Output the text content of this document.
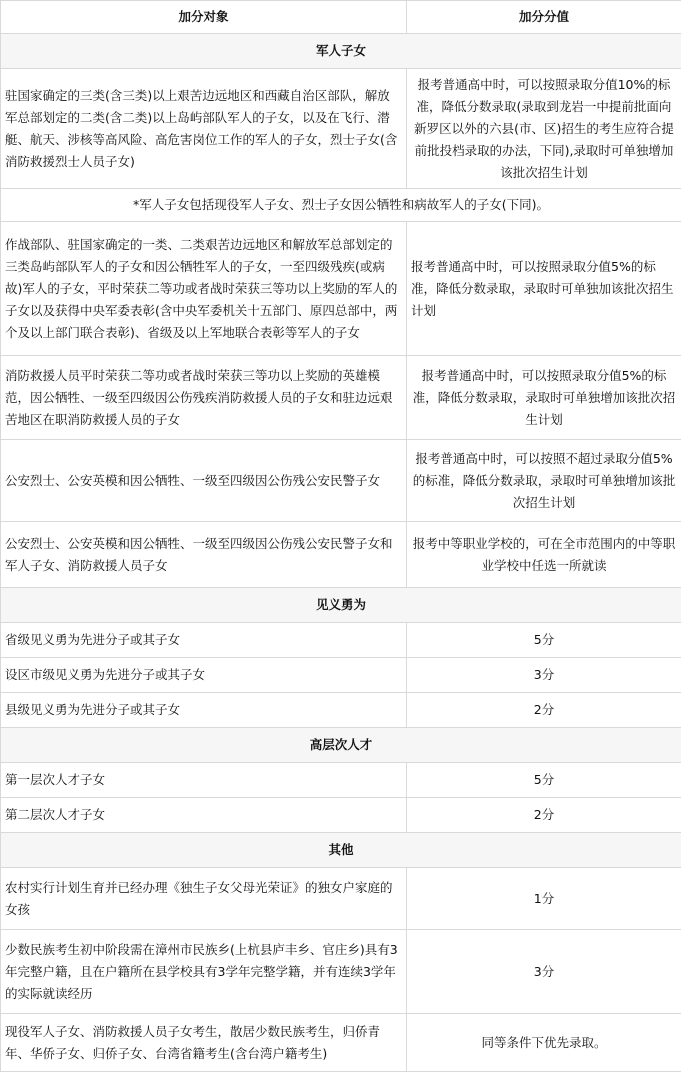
加分对象	加分分值
军人子女	
驻国家确定的三类(含三类)以上艰苦边远地区和西藏自治区部队，解放军总部划定的二类(含二类)以上岛屿部队军人的子女，以及在飞行、潜艇、航天、涉核等高风险、高危害岗位工作的军人的子女，烈士子女(含消防救援烈士人员子女)	报考普通高中时，可以按照录取分值10%的标准，降低分数录取(录取到龙岩一中提前批面向新罗区以外的六县(市、区)招生的考生应符合提前批投档录取的办法，下同),录取时可单独增加该批次招生计划
*军人子女包括现役军人子女、烈士子女因公牺牲和病故军人的子女(下同)。	
作战部队、驻国家确定的一类、二类艰苦边远地区和解放军总部划定的三类岛屿部队军人的子女和因公牺牲军人的子女，一至四级残疾(或病故)军人的子女，平时荣获二等功或者战时荣获三等功以上奖励的军人的子女以及获得中央军委表彰(含中央军委机关十五部门、原四总部中，两个及以上部门联合表彰)、省级及以上军地联合表彰等军人的子女	报考普通高中时，可以按照录取分值5%的标准，降低分数录取，录取时可单独加该批次招生计划
消防救援人员平时荣获二等功或者战时荣获三等功以上奖励的英雄模范，因公牺牲、一级至四级因公伤残疾消防救援人员的子女和驻边远艰苦地区在职消防救援人员的子女	报考普通高中时，可以按照录取分值5%的标准，降低分数录取，录取时可单独增加该批次招生计划
公安烈士、公安英模和因公牺牲、一级至四级因公伤残公安民警子女	报考普通高中时，可以按照不超过录取分值5%的标准，降低分数录取，录取时可单独增加该批次招生计划
公安烈士、公安英模和因公牺牲、一级至四级因公伤残公安民警子女和军人子女、消防救援人员子女	报考中等职业学校的，可在全市范围内的中等职业学校中任选一所就读
见义勇为	
省级见义勇为先进分子或其子女	5分
设区市级见义勇为先进分子或其子女	3分
县级见义勇为先进分子或其子女	2分
高层次人才	
第一层次人才子女	5分
第二层次人才子女	2分
其他	
农村实行计划生育并已经办理《独生子女父母光荣证》的独女户家庭的女孩	1分
少数民族考生初中阶段需在漳州市民族乡(上杭县庐丰乡、官庄乡)具有3年完整户籍，且在户籍所在县学校具有3学年完整学籍，并有连续3学年的实际就读经历	3分
现役军人子女、消防救援人员子女考生，散居少数民族考生，归侨青年、华侨子女、归侨子女、台湾省籍考生(含台湾户籍考生)	同等条件下优先录取。
